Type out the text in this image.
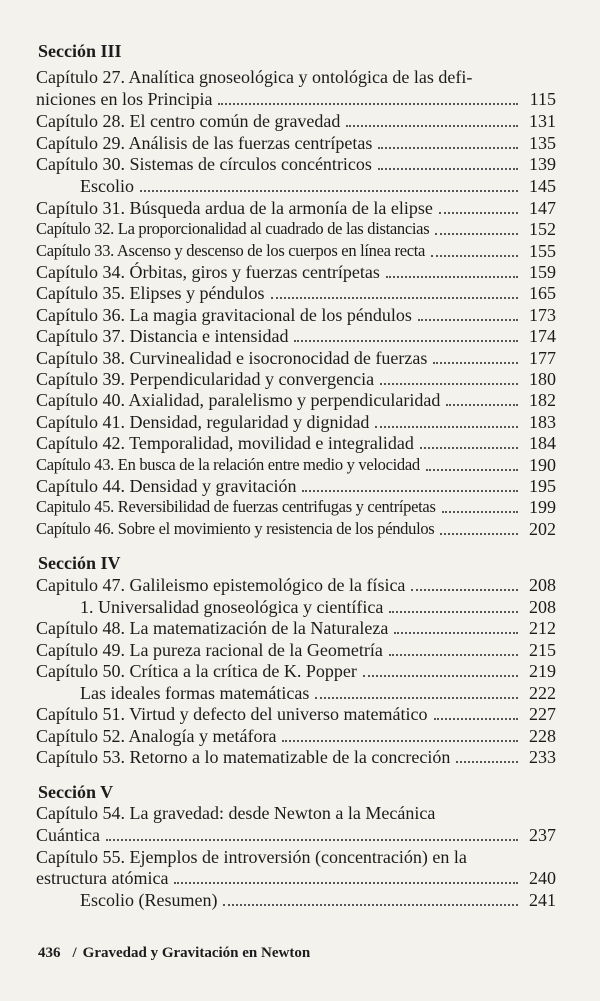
Sección III
Capítulo 27. Analítica gnoseológica y ontológica de las defi-
niciones en los Principia	115
Capítulo 28. El centro común de gravedad	131
Capítulo 29. Análisis de las fuerzas centrípetas	135
Capítulo 30. Sistemas de círculos concéntricos	139
Escolio	145
Capítulo 31. Búsqueda ardua de la armonía de la elipse	147
Capítulo 32. La proporcionalidad al cuadrado de las distancias	152
Capítulo 33. Ascenso y descenso de los cuerpos en línea recta	155
Capítulo 34. Órbitas, giros y fuerzas centrípetas	159
Capítulo 35. Elipses y péndulos	165
Capítulo 36. La magia gravitacional de los péndulos	173
Capítulo 37. Distancia e intensidad	174
Capítulo 38. Curvinealidad e isocronocidad de fuerzas	177
Capítulo 39. Perpendicularidad y convergencia	180
Capítulo 40. Axialidad, paralelismo y perpendicularidad	182
Capítulo 41. Densidad, regularidad y dignidad	183
Capítulo 42. Temporalidad, movilidad e integralidad	184
Capítulo 43. En busca de la relación entre medio y velocidad	190
Capítulo 44. Densidad y gravitación	195
Capitulo 45. Reversibilidad de fuerzas centrifugas y centrípetas	199
Capítulo 46. Sobre el movimiento y resistencia de los péndulos	202
Sección IV
Capitulo 47. Galileismo epistemológico de la física	208
1. Universalidad gnoseológica y científica	208
Capítulo 48. La matematización de la Naturaleza	212
Capítulo 49. La pureza racional de la Geometría	215
Capítulo 50. Crítica a la crítica de K. Popper	219
Las ideales formas matemáticas	222
Capítulo 51. Virtud y defecto del universo matemático	227
Capítulo 52. Analogía y metáfora	228
Capítulo 53. Retorno a lo matematizable de la concreción	233
Sección V
Capítulo 54. La gravedad: desde Newton a la Mecánica
Cuántica	237
Capítulo 55. Ejemplos de introversión (concentración) en la
estructura atómica	240
Escolio (Resumen)	241
436 / Gravedad y Gravitación en Newton
